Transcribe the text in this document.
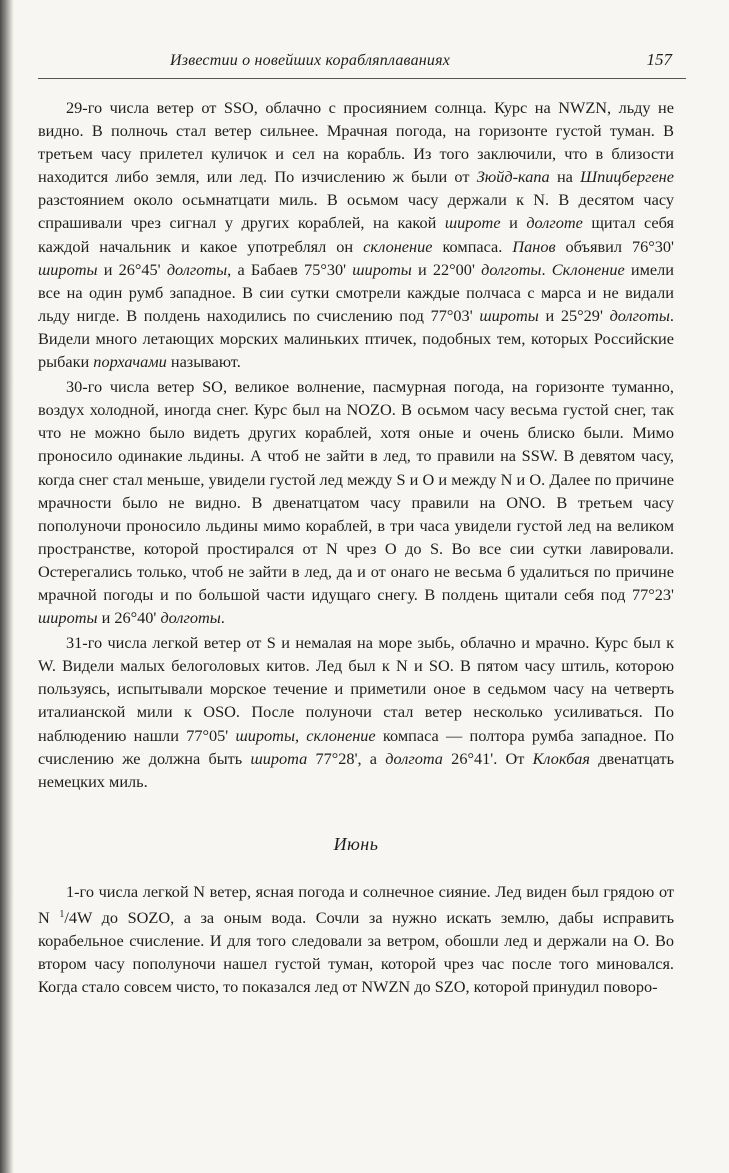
Известии о новейших корабляплаваниях	157

29-го числа ветер от SSO, облачно с просиянием солнца. Курс на NWZN, льду не видно. В полночь стал ветер сильнее. Мрачная погода, на горизонте густой туман. В третьем часу прилетел куличок и сел на корабль. Из того заключили, что в близости находится либо земля, или лед. По изчислению ж были от Зюйд-капа на Шпицбергене разстоянием около осьмнатцати миль. В осьмом часу держали к N. В десятом часу спрашивали чрез сигнал у других кораблей, на какой широте и долготе щитал себя каждой начальник и какое употреблял он склонение компаса. Панов объявил 76°30' широты и 26°45' долготы, а Бабаев 75°30' широты и 22°00' долготы. Склонение имели все на один румб западное. В сии сутки смотрели каждые полчаса с марса и не видали льду нигде. В полдень находились по счислению под 77°03' широты и 25°29' долготы. Видели много летающих морских малиньких птичек, подобных тем, которых Российские рыбаки порхачами называют.

30-го числа ветер SO, великое волнение, пасмурная погода, на горизонте туманно, воздух холодной, иногда снег. Курс был на NOZO. В осьмом часу весьма густой снег, так что не можно было видеть других кораблей, хотя оные и очень блиско были. Мимо проносило одинакие льдины. А чтоб не зайти в лед, то правили на SSW. В девятом часу, когда снег стал меньше, увидели густой лед между S и O и между N и O. Далее по причине мрачности было не видно. В двенатцатом часу правили на ONO. В третьем часу пополуночи проносило льдины мимо кораблей, в три часа увидели густой лед на великом пространстве, которой простирался от N чрез O до S. Во все сии сутки лавировали. Остерегались только, чтоб не зайти в лед, да и от онаго не весьма б удалиться по причине мрачной погоды и по большой части идущаго снегу. В полдень щитали себя под 77°23' широты и 26°40' долготы.

31-го числа легкой ветер от S и немалая на море зыбь, облачно и мрачно. Курс был к W. Видели малых белоголовых китов. Лед был к N и SO. В пятом часу штиль, которою пользуясь, испытывали морское течение и приметили оное в седьмом часу на четверть италианской мили к OSO. После полуночи стал ветер несколько усиливаться. По наблюдению нашли 77°05' широты, склонение компаса — полтора румба западное. По счислению же должна быть широта 77°28', а долгота 26°41'. От Клокбая двенатцать немецких миль.

Июнь

1-го числа легкой N ветер, ясная погода и солнечное сияние. Лед виден был грядою от N $^1$/4W до SOZO, а за оным вода. Сочли за нужно искать землю, дабы исправить корабельное счисление. И для того следовали за ветром, обошли лед и держали на O. Во втором часу пополуночи нашел густой туман, которой чрез час после того миновался. Когда стало совсем чисто, то показался лед от NWZN до SZO, которой принудил поворо-
